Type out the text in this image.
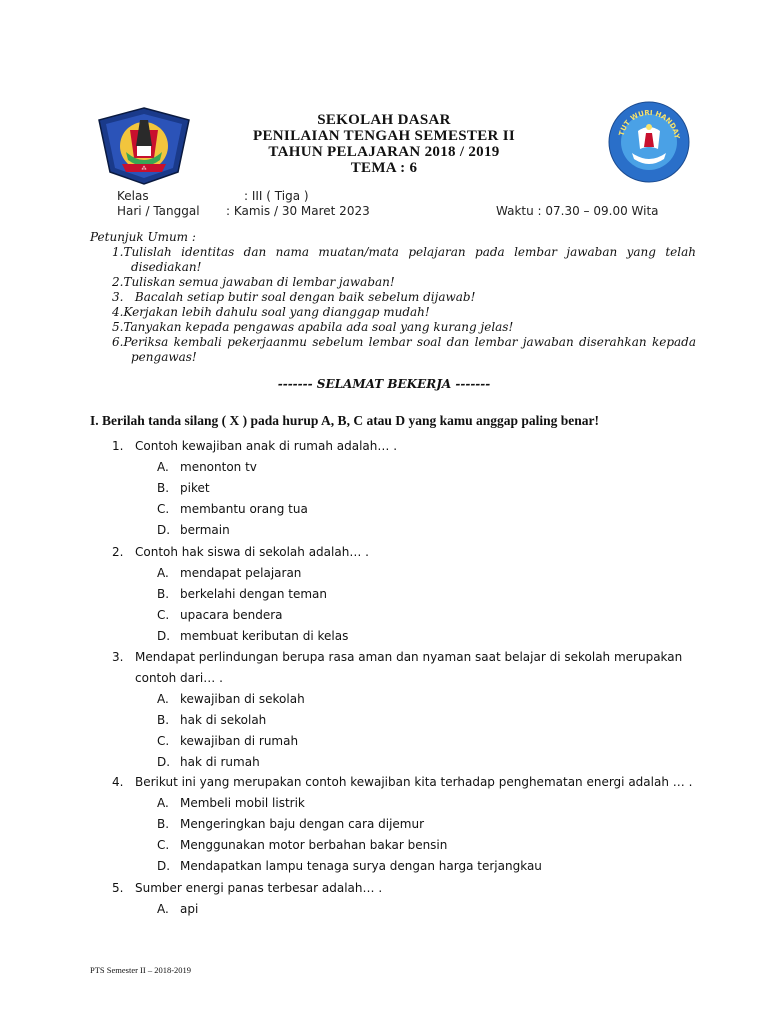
⁂
TUT WURI HANDAY
SEKOLAH DASAR
PENILAIAN TENGAH SEMESTER II
TAHUN PELAJARAN 2018 / 2019
TEMA : 6
Kelas	: III ( Tiga )
Hari / Tanggal : Kamis / 30 Maret 2023	Waktu : 07.30 – 09.00 Wita
Petunjuk Umum :
1.Tulislah identitas dan nama muatan/mata pelajaran pada lembar jawaban yang telah
disediakan!
2.Tuliskan semua jawaban di lembar jawaban!
3.   Bacalah setiap butir soal dengan baik sebelum dijawab!
4.Kerjakan lebih dahulu soal yang dianggap mudah!
5.Tanyakan kepada pengawas apabila ada soal yang kurang jelas!
6.Periksa kembali pekerjaanmu sebelum lembar soal dan lembar jawaban diserahkan kepada
pengawas!
------- SELAMAT BEKERJA -------
I. Berilah tanda silang ( X ) pada hurup A, B, C atau D yang kamu anggap paling benar!
1. Contoh kewajiban anak di rumah adalah… .
A. menonton tv
B. piket
C. membantu orang tua
D. bermain
2. Contoh hak siswa di sekolah adalah… .
A. mendapat pelajaran
B. berkelahi dengan teman
C. upacara bendera
D. membuat keributan di kelas
3. Mendapat perlindungan berupa rasa aman dan nyaman saat belajar di sekolah merupakan
contoh dari… .
A. kewajiban di sekolah
B. hak di sekolah
C. kewajiban di rumah
D. hak di rumah
4. Berikut ini yang merupakan contoh kewajiban kita terhadap penghematan energi adalah … .
A. Membeli mobil listrik
B. Mengeringkan baju dengan cara dijemur
C. Menggunakan motor berbahan bakar bensin
D. Mendapatkan lampu tenaga surya dengan harga terjangkau
5. Sumber energi panas terbesar adalah… .
A. api
PTS Semester II – 2018-2019
